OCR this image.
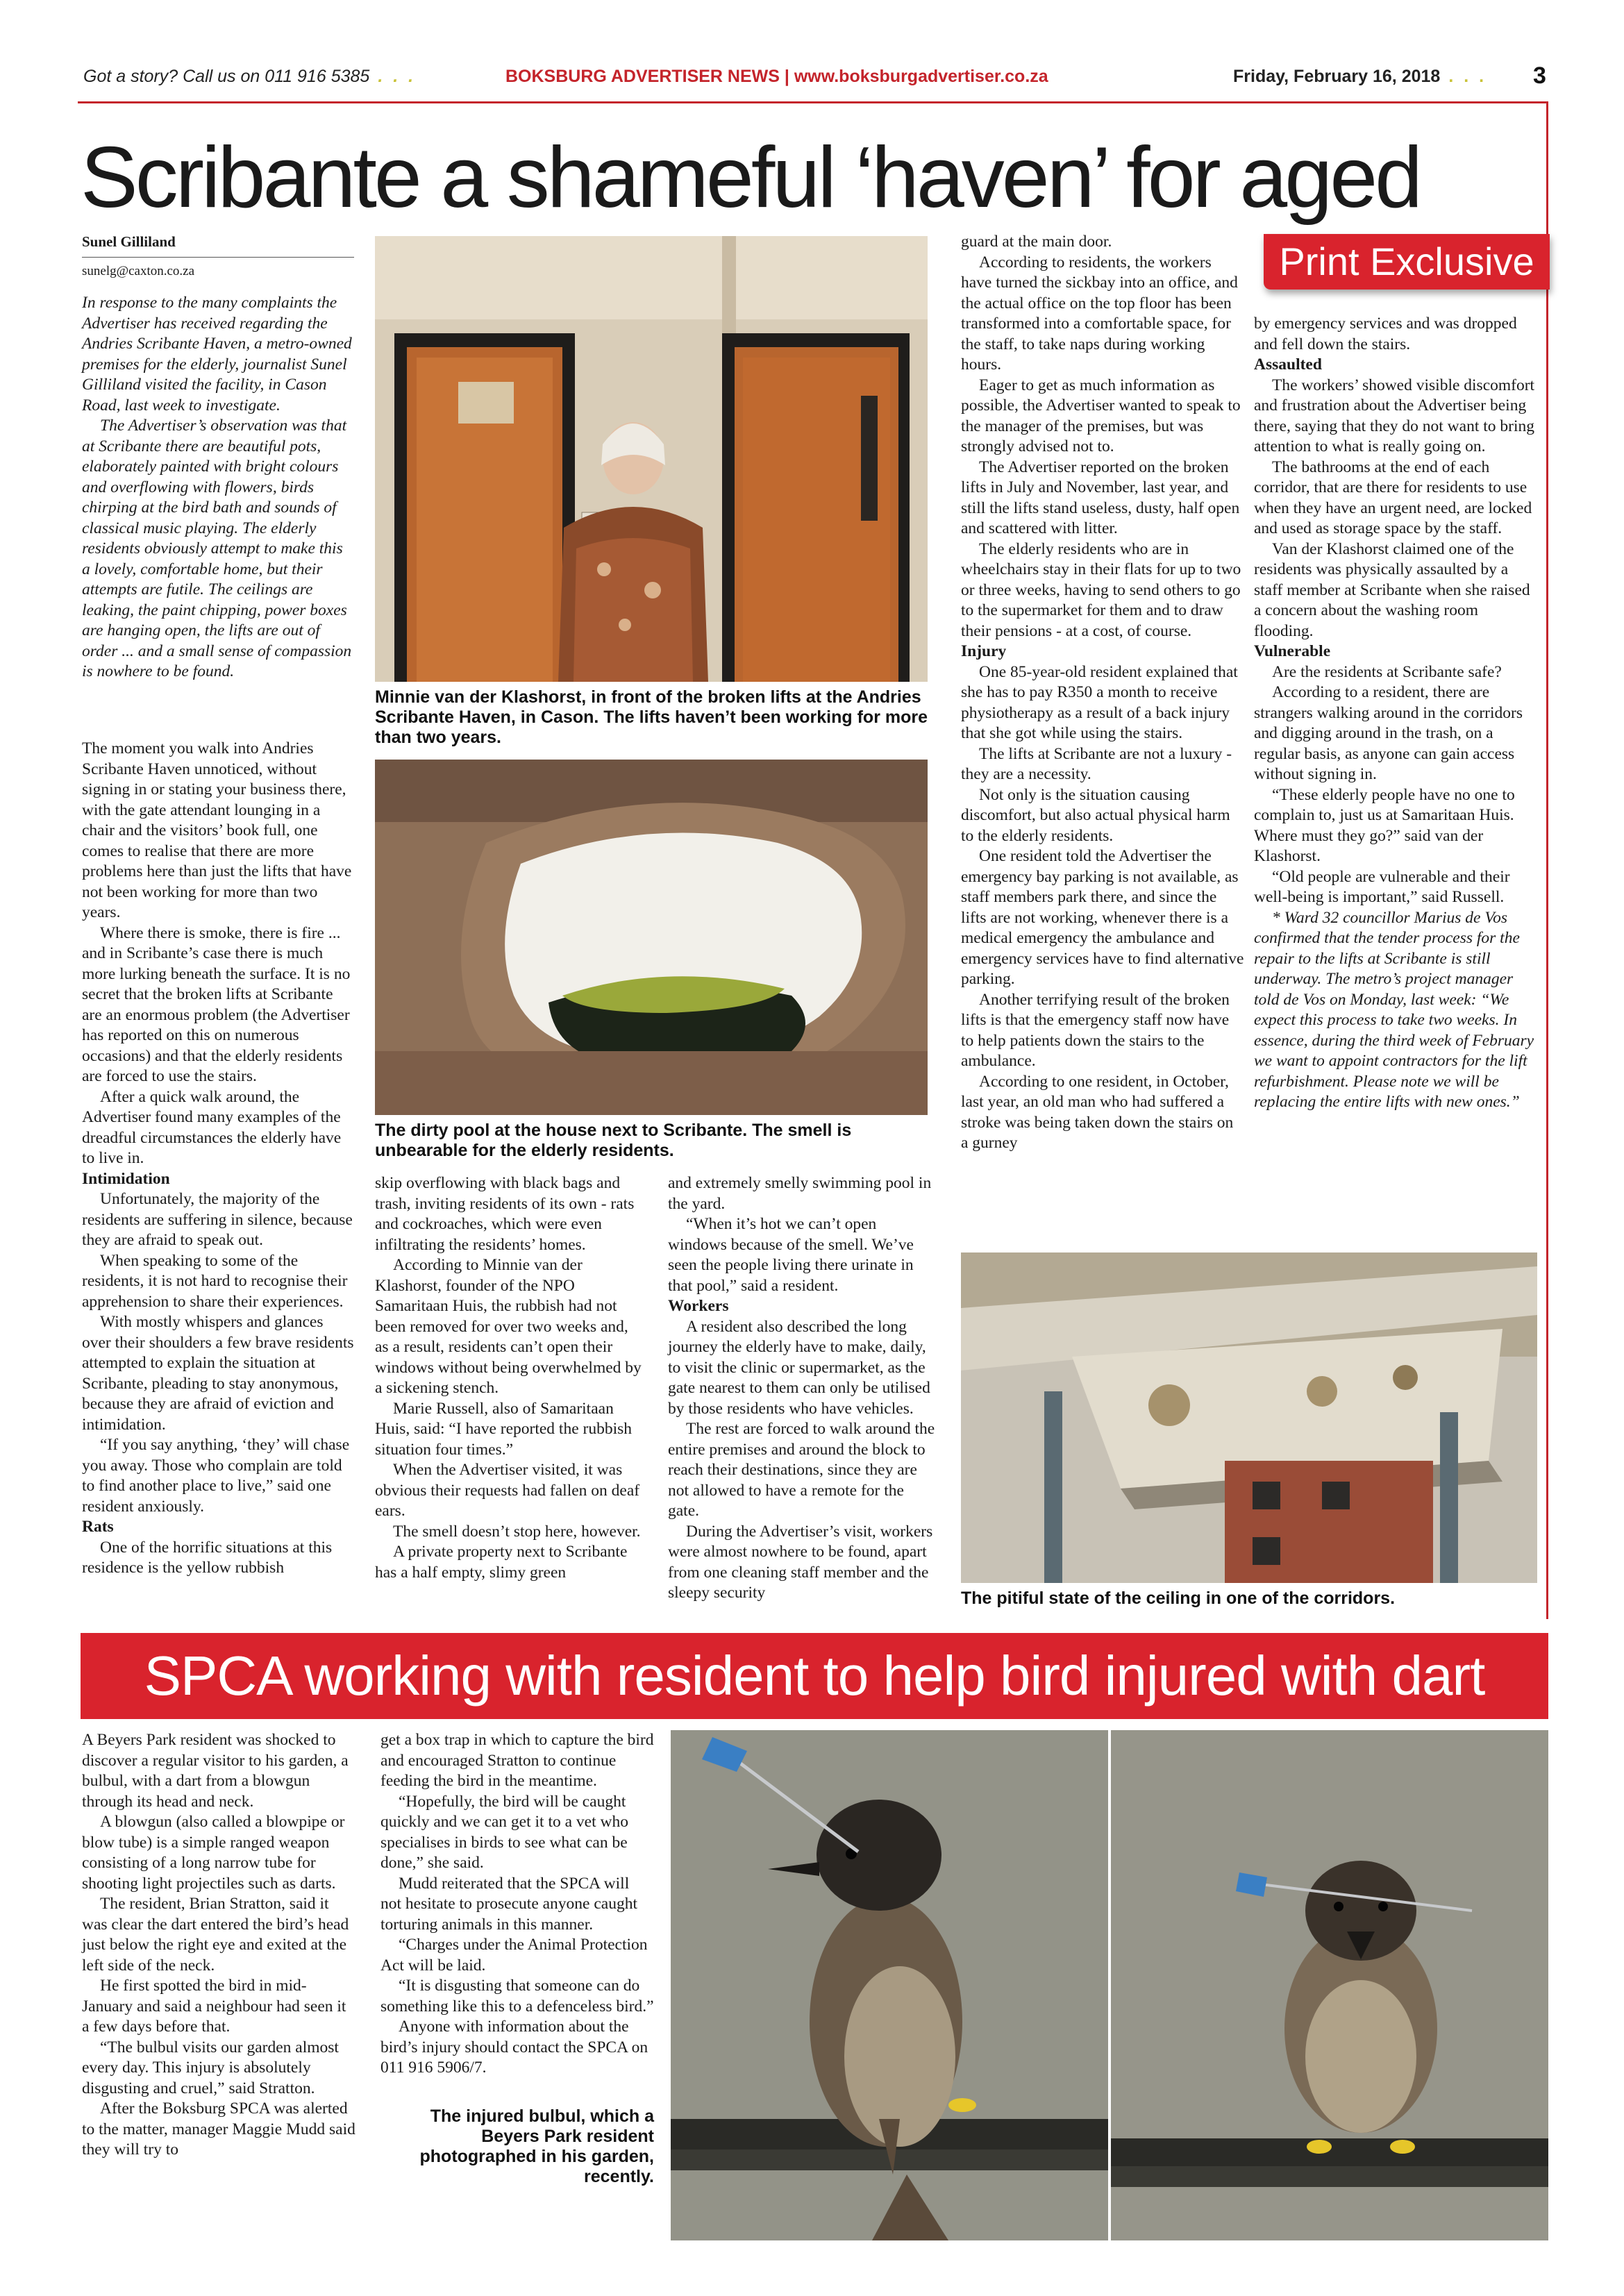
Got a story? Call us on 011 916 5385 . . .	BOKSBURG ADVERTISER NEWS | www.boksburgadvertiser.co.za	Friday, February 16, 2018 . . . 3
Scribante a shameful ‘haven’ for aged
Sunel Gilliland
sunelg@caxton.co.za

In response to the many complaints the Advertiser has received regarding the Andries Scribante Haven, a metro-owned premises for the elderly, journalist Sunel Gilliland visited the facility, in Cason Road, last week to investigate.

The Advertiser’s observation was that at Scribante there are beautiful pots, elaborately painted with bright colours and overflowing with flowers, birds chirping at the bird bath and sounds of classical music playing. The elderly residents obviously attempt to make this a lovely, comfortable home, but their attempts are futile. The ceilings are leaking, the paint chipping, power boxes are hanging open, the lifts are out of order ... and a small sense of compassion is nowhere to be found.

The moment you walk into Andries Scribante Haven unnoticed, without signing in or stating your business there, with the gate attendant lounging in a chair and the visitors’ book full, one comes to realise that there are more problems here than just the lifts that have not been working for more than two years.

Where there is smoke, there is fire ... and in Scribante’s case there is much more lurking beneath the surface. It is no secret that the broken lifts at Scribante are an enormous problem (the Advertiser has reported on this on numerous occasions) and that the elderly residents are forced to use the stairs.

After a quick walk around, the Advertiser found many examples of the dreadful circumstances the elderly have to live in.

Intimidation

Unfortunately, the majority of the residents are suffering in silence, because they are afraid to speak out.

When speaking to some of the residents, it is not hard to recognise their apprehension to share their experiences.

With mostly whispers and glances over their shoulders a few brave residents attempted to explain the situation at Scribante, pleading to stay anonymous, because they are afraid of eviction and intimidation.

“If you say anything, ‘they’ will chase you away. Those who complain are told to find another place to live,” said one resident anxiously.

Rats

One of the horrific situations at this residence is the yellow rubbish

Minnie van der Klashorst, in front of the broken lifts at the Andries Scribante Haven, in Cason. The lifts haven’t been working for more than two years.
The dirty pool at the house next to Scribante. The smell is unbearable for the elderly residents.

skip overflowing with black bags and trash, inviting residents of its own - rats and cockroaches, which were even infiltrating the residents’ homes.

According to Minnie van der Klashorst, founder of the NPO Samaritaan Huis, the rubbish had not been removed for over two weeks and, as a result, residents can’t open their windows without being overwhelmed by a sickening stench.

Marie Russell, also of Samaritaan Huis, said: “I have reported the rubbish situation four times.”

When the Advertiser visited, it was obvious their requests had fallen on deaf ears.

The smell doesn’t stop here, however.

A private property next to Scribante has a half empty, slimy green

and extremely smelly swimming pool in the yard.

“When it’s hot we can’t open windows because of the smell. We’ve seen the people living there urinate in that pool,” said a resident.

Workers

A resident also described the long journey the elderly have to make, daily, to visit the clinic or supermarket, as the gate nearest to them can only be utilised by those residents who have vehicles.

The rest are forced to walk around the entire premises and around the block to reach their destinations, since they are not allowed to have a remote for the gate.

During the Advertiser’s visit, workers were almost nowhere to be found, apart from one cleaning staff member and the sleepy security

guard at the main door.

According to residents, the workers have turned the sickbay into an office, and the actual office on the top floor has been transformed into a comfortable space, for the staff, to take naps during working hours.

Eager to get as much information as possible, the Advertiser wanted to speak to the manager of the premises, but was strongly advised not to.

The Advertiser reported on the broken lifts in July and November, last year, and still the lifts stand useless, dusty, half open and scattered with litter.

The elderly residents who are in wheelchairs stay in their flats for up to two or three weeks, having to send others to go to the supermarket for them and to draw their pensions - at a cost, of course.

Injury

One 85-year-old resident explained that she has to pay R350 a month to receive physiotherapy as a result of a back injury that she got while using the stairs.

The lifts at Scribante are not a luxury - they are a necessity.

Not only is the situation causing discomfort, but also actual physical harm to the elderly residents.

One resident told the Advertiser the emergency bay parking is not available, as staff members park there, and since the lifts are not working, whenever there is a medical emergency the ambulance and emergency services have to find alternative parking.

Another terrifying result of the broken lifts is that the emergency staff now have to help patients down the stairs to the ambulance.

According to one resident, in October, last year, an old man who had suffered a stroke was being taken down the stairs on a gurney

Print Exclusive

by emergency services and was dropped and fell down the stairs.

Assaulted

The workers’ showed visible discomfort and frustration about the Advertiser being there, saying that they do not want to bring attention to what is really going on.

The bathrooms at the end of each corridor, that are there for residents to use when they have an urgent need, are locked and used as storage space by the staff.

Van der Klashorst claimed one of the residents was physically assaulted by a staff member at Scribante when she raised a concern about the washing room flooding.

Vulnerable

Are the residents at Scribante safe?

According to a resident, there are strangers walking around in the corridors and digging around in the trash, on a regular basis, as anyone can gain access without signing in.

“These elderly people have no one to complain to, just us at Samaritaan Huis. Where must they go?” said van der Klashorst.

“Old people are vulnerable and their well-being is important,” said Russell.

* Ward 32 councillor Marius de Vos confirmed that the tender process for the repair to the lifts at Scribante is still underway. The metro’s project manager told de Vos on Monday, last week: “We expect this process to take two weeks. In essence, during the third week of February we want to appoint contractors for the lift refurbishment. Please note we will be replacing the entire lifts with new ones.”

The pitiful state of the ceiling in one of the corridors.
SPCA working with resident to help bird injured with dart

A Beyers Park resident was shocked to discover a regular visitor to his garden, a bulbul, with a dart from a blowgun through its head and neck.

A blowgun (also called a blowpipe or blow tube) is a simple ranged weapon consisting of a long narrow tube for shooting light projectiles such as darts.

The resident, Brian Stratton, said it was clear the dart entered the bird’s head just below the right eye and exited at the left side of the neck.

He first spotted the bird in mid-January and said a neighbour had seen it a few days before that.

“The bulbul visits our garden almost every day. This injury is absolutely disgusting and cruel,” said Stratton.

After the Boksburg SPCA was alerted to the matter, manager Maggie Mudd said they will try to

get a box trap in which to capture the bird and encouraged Stratton to continue feeding the bird in the meantime.

“Hopefully, the bird will be caught quickly and we can get it to a vet who specialises in birds to see what can be done,” she said.

Mudd reiterated that the SPCA will not hesitate to prosecute anyone caught torturing animals in this manner.

“Charges under the Animal Protection Act will be laid.

“It is disgusting that someone can do something like this to a defenceless bird.”

Anyone with information about the bird’s injury should contact the SPCA on 011 916 5906/7.

The injured bulbul, which a Beyers Park resident photographed in his garden, recently.
